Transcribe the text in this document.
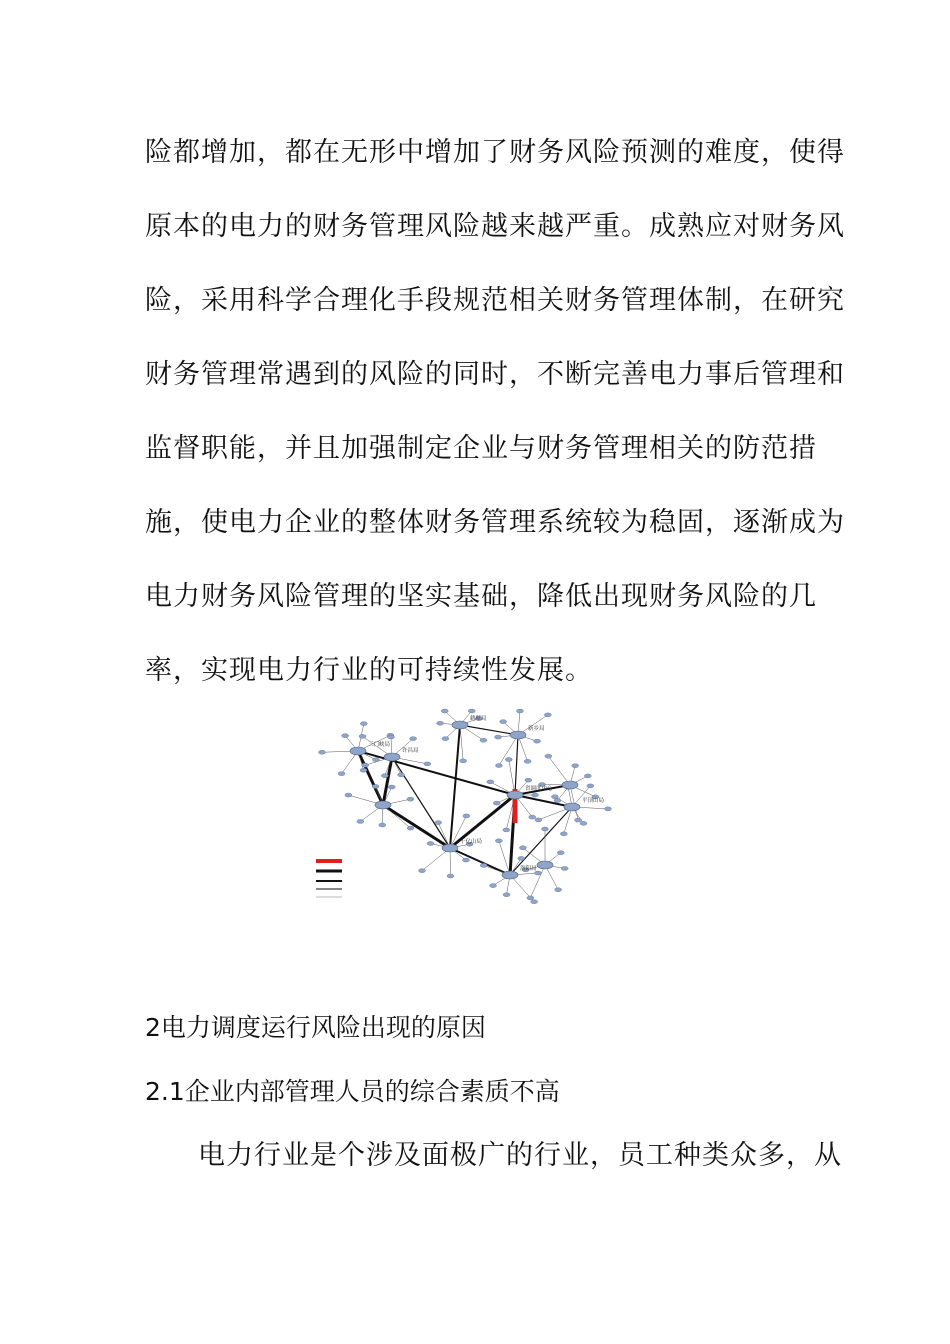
险都增加，都在无形中增加了财务风险预测的难度，使得
原本的电力的财务管理风险越来越严重。成熟应对财务风
险，采用科学合理化手段规范相关财务管理体制，在研究
财务管理常遇到的风险的同时，不断完善电力事后管理和
监督职能，并且加强制定企业与财务管理相关的防范措
施，使电力企业的整体财务管理系统较为稳固，逐渐成为
电力财务风险管理的坚实基础，降低出现财务风险的几
率，实现电力行业的可持续性发展。
省调度中心
千亿山局
三门峡局
许昌局
洛阳局
鹤壁局
新乡局
平顶山局
2电力调度运行风险出现的原因
2.1企业内部管理人员的综合素质不高
电力行业是个涉及面极广的行业，员工种类众多，从
